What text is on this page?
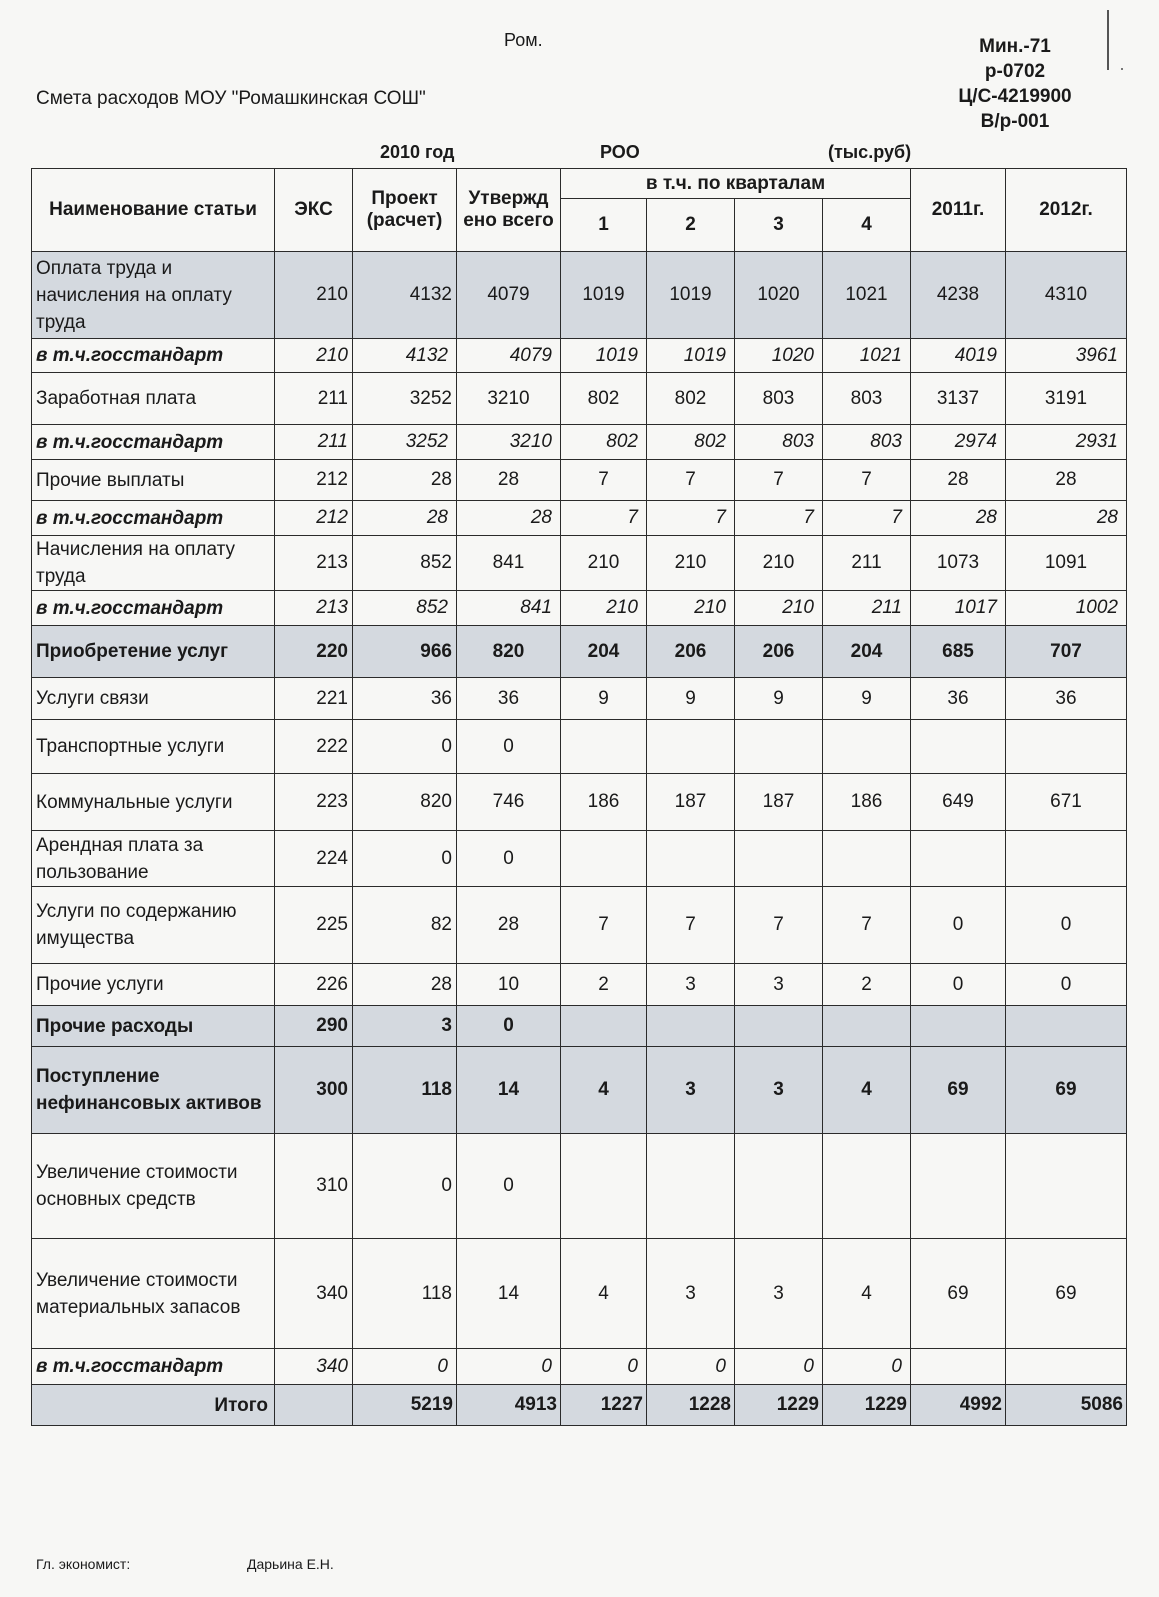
Ром.
Смета расходов МОУ "Ромашкинская СОШ"
Мин.-71
р-0702
Ц/С-4219900
В/р-001
2010 год	РОО	(тыс.руб)
Наименование статьи	ЭКС	Проект (расчет)	Утвержд ено всего	в т.ч. по кварталам				2011г.	2012г.
				1	2	3	4		
Оплата труда и начисления на оплату труда	210	4132	4079	1019	1019	1020	1021	4238	4310
в т.ч.госстандарт	210	4132	4079	1019	1019	1020	1021	4019	3961
Заработная плата	211	3252	3210	802	802	803	803	3137	3191
в т.ч.госстандарт	211	3252	3210	802	802	803	803	2974	2931
Прочие выплаты	212	28	28	7	7	7	7	28	28
в т.ч.госстандарт	212	28	28	7	7	7	7	28	28
Начисления на оплату труда	213	852	841	210	210	210	211	1073	1091
в т.ч.госстандарт	213	852	841	210	210	210	211	1017	1002
Приобретение услуг	220	966	820	204	206	206	204	685	707
Услуги связи	221	36	36	9	9	9	9	36	36
Транспортные услуги	222	0	0						
Коммунальные услуги	223	820	746	186	187	187	186	649	671
Арендная плата за пользование	224	0	0						
Услуги по содержанию имущества	225	82	28	7	7	7	7	0	0
Прочие услуги	226	28	10	2	3	3	2	0	0
Прочие расходы	290	3	0						
Поступление нефинансовых активов	300	118	14	4	3	3	4	69	69
Увеличение стоимости основных средств	310	0	0						
Увеличение стоимости материальных запасов	340	118	14	4	3	3	4	69	69
в т.ч.госстандарт	340	0	0	0	0	0	0		
Итого		5219	4913	1227	1228	1229	1229	4992	5086
Гл. экономист:	Дарьина Е.Н.
